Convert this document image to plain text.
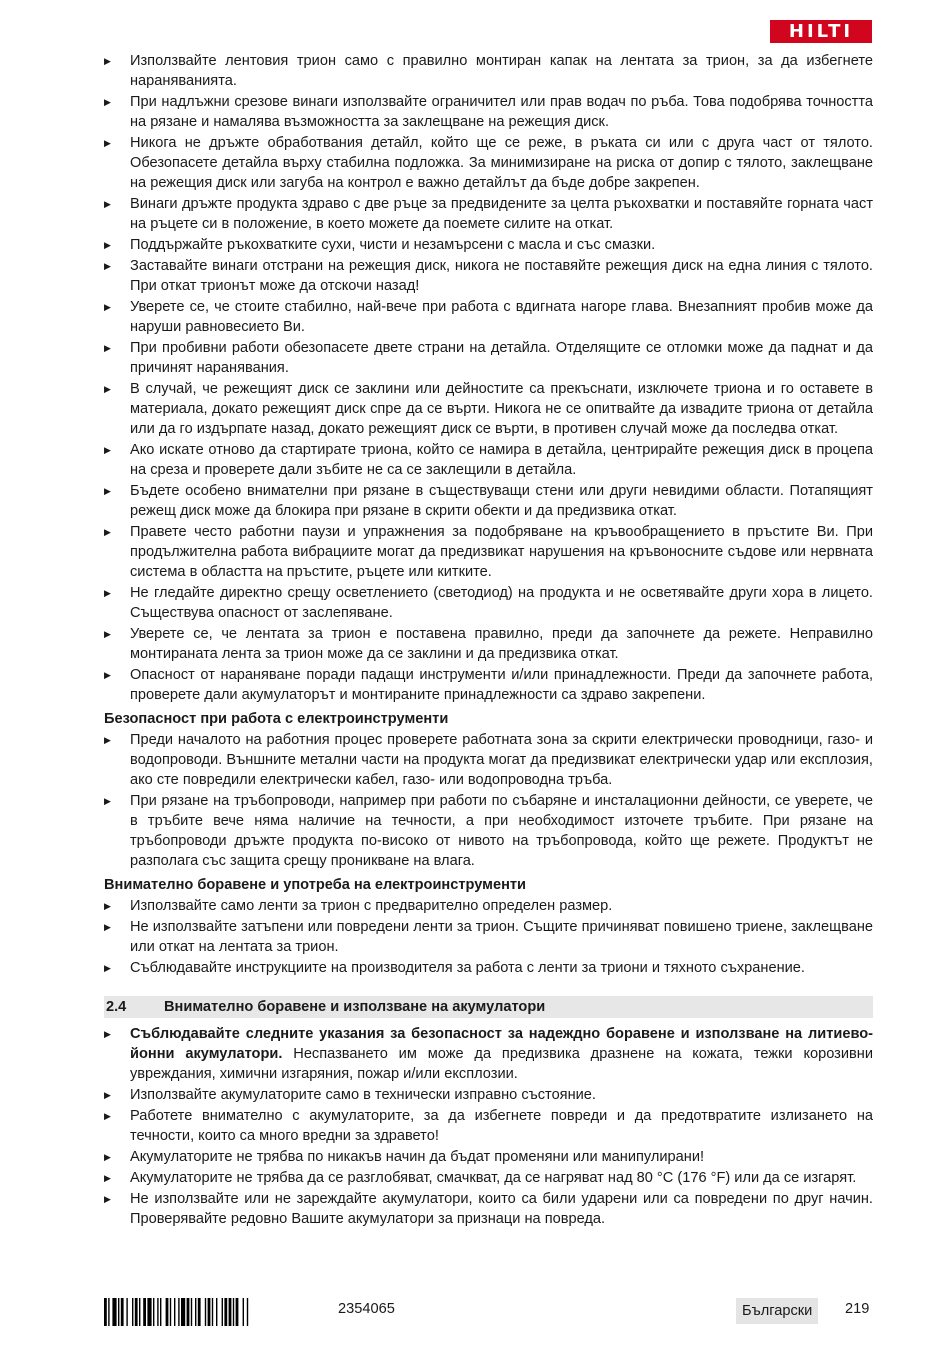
HILTI
▶ Използвайте лентовия трион само с правилно монтиран капак на лентата за трион, за да избегнете нараняванията.
▶ При надлъжни срезове винаги използвайте ограничител или прав водач по ръба. Това подобрява точността на рязане и намалява възможността за заклещване на режещия диск.
▶ Никога не дръжте обработвания детайл, който ще се реже, в ръката си или с друга част от тялото. Обезопасете детайла върху стабилна подложка. За минимизиране на риска от допир с тялото, заклещване на режещия диск или загуба на контрол е важно детайлът да бъде добре закрепен.
▶ Винаги дръжте продукта здраво с две ръце за предвидените за целта ръкохватки и поставяйте горната част на ръцете си в положение, в което можете да поемете силите на откат.
▶ Поддържайте ръкохватките сухи, чисти и незамърсени с масла и със смазки.
▶ Заставайте винаги отстрани на режещия диск, никога не поставяйте режещия диск на една линия с тялото. При откат трионът може да отскочи назад!
▶ Уверете се, че стоите стабилно, най-вече при работа с вдигната нагоре глава. Внезапният пробив може да наруши равновесието Ви.
▶ При пробивни работи обезопасете двете страни на детайла. Отделящите се отломки може да паднат и да причинят наранявания.
▶ В случай, че режещият диск се заклини или дейностите са прекъснати, изключете триона и го оставете в материала, докато режещият диск спре да се върти. Никога не се опитвайте да извадите триона от детайла или да го издърпате назад, докато режещият диск се върти, в противен случай може да последва откат.
▶ Ако искате отново да стартирате триона, който се намира в детайла, центрирайте режещия диск в процепа на среза и проверете дали зъбите не са се заклещили в детайла.
▶ Бъдете особено внимателни при рязане в съществуващи стени или други невидими области. Потапящият режещ диск може да блокира при рязане в скрити обекти и да предизвика откат.
▶ Правете често работни паузи и упражнения за подобряване на кръвообращението в пръстите Ви. При продължителна работа вибрациите могат да предизвикат нарушения на кръвоносните съдове или нервната система в областта на пръстите, ръцете или китките.
▶ Не гледайте директно срещу осветлението (светодиод) на продукта и не осветявайте други хора в лицето. Съществува опасност от заслепяване.
▶ Уверете се, че лентата за трион е поставена правилно, преди да започнете да режете. Неправилно монтираната лента за трион може да се заклини и да предизвика откат.
▶ Опасност от нараняване поради падащи инструменти и/или принадлежности. Преди да започнете работа, проверете дали акумулаторът и монтираните принадлежности са здраво закрепени.
Безопасност при работа с електроинструменти
▶ Преди началото на работния процес проверете работната зона за скрити електрически проводници, газо- и водопроводи. Външните метални части на продукта могат да предизвикат електрически удар или експлозия, ако сте повредили електрически кабел, газо- или водопроводна тръба.
▶ При рязане на тръбопроводи, например при работи по събаряне и инсталационни дейности, се уверете, че в тръбите вече няма наличие на течности, а при необходимост източете тръбите. При рязане на тръбопроводи дръжте продукта по-високо от нивото на тръбопровода, който ще режете. Продуктът не разполага със защита срещу проникване на влага.
Внимателно боравене и употреба на електроинструменти
▶ Използвайте само ленти за трион с предварително определен размер.
▶ Не използвайте затъпени или повредени ленти за трион. Същите причиняват повишено триене, заклещване или откат на лентата за трион.
▶ Съблюдавайте инструкциите на производителя за работа с ленти за триони и тяхното съхранение.
2.4	Внимателно боравене и използване на акумулатори
▶ Съблюдавайте следните указания за безопасност за надеждно боравене и използване на литиево-йонни акумулатори. Неспазването им може да предизвика дразнене на кожата, тежки корозивни увреждания, химични изгаряния, пожар и/или експлозии.
▶ Използвайте акумулаторите само в технически изправно състояние.
▶ Работете внимателно с акумулаторите, за да избегнете повреди и да предотвратите излизането на течности, които са много вредни за здравето!
▶ Акумулаторите не трябва по никакъв начин да бъдат променяни или манипулирани!
▶ Акумулаторите не трябва да се разглобяват, смачкват, да се нагряват над 80 °C (176 °F) или да се изгарят.
▶ Не използвайте или не зареждайте акумулатори, които са били ударени или са повредени по друг начин. Проверявайте редовно Вашите акумулатори за признаци на повреда.
2354065	Български	219
